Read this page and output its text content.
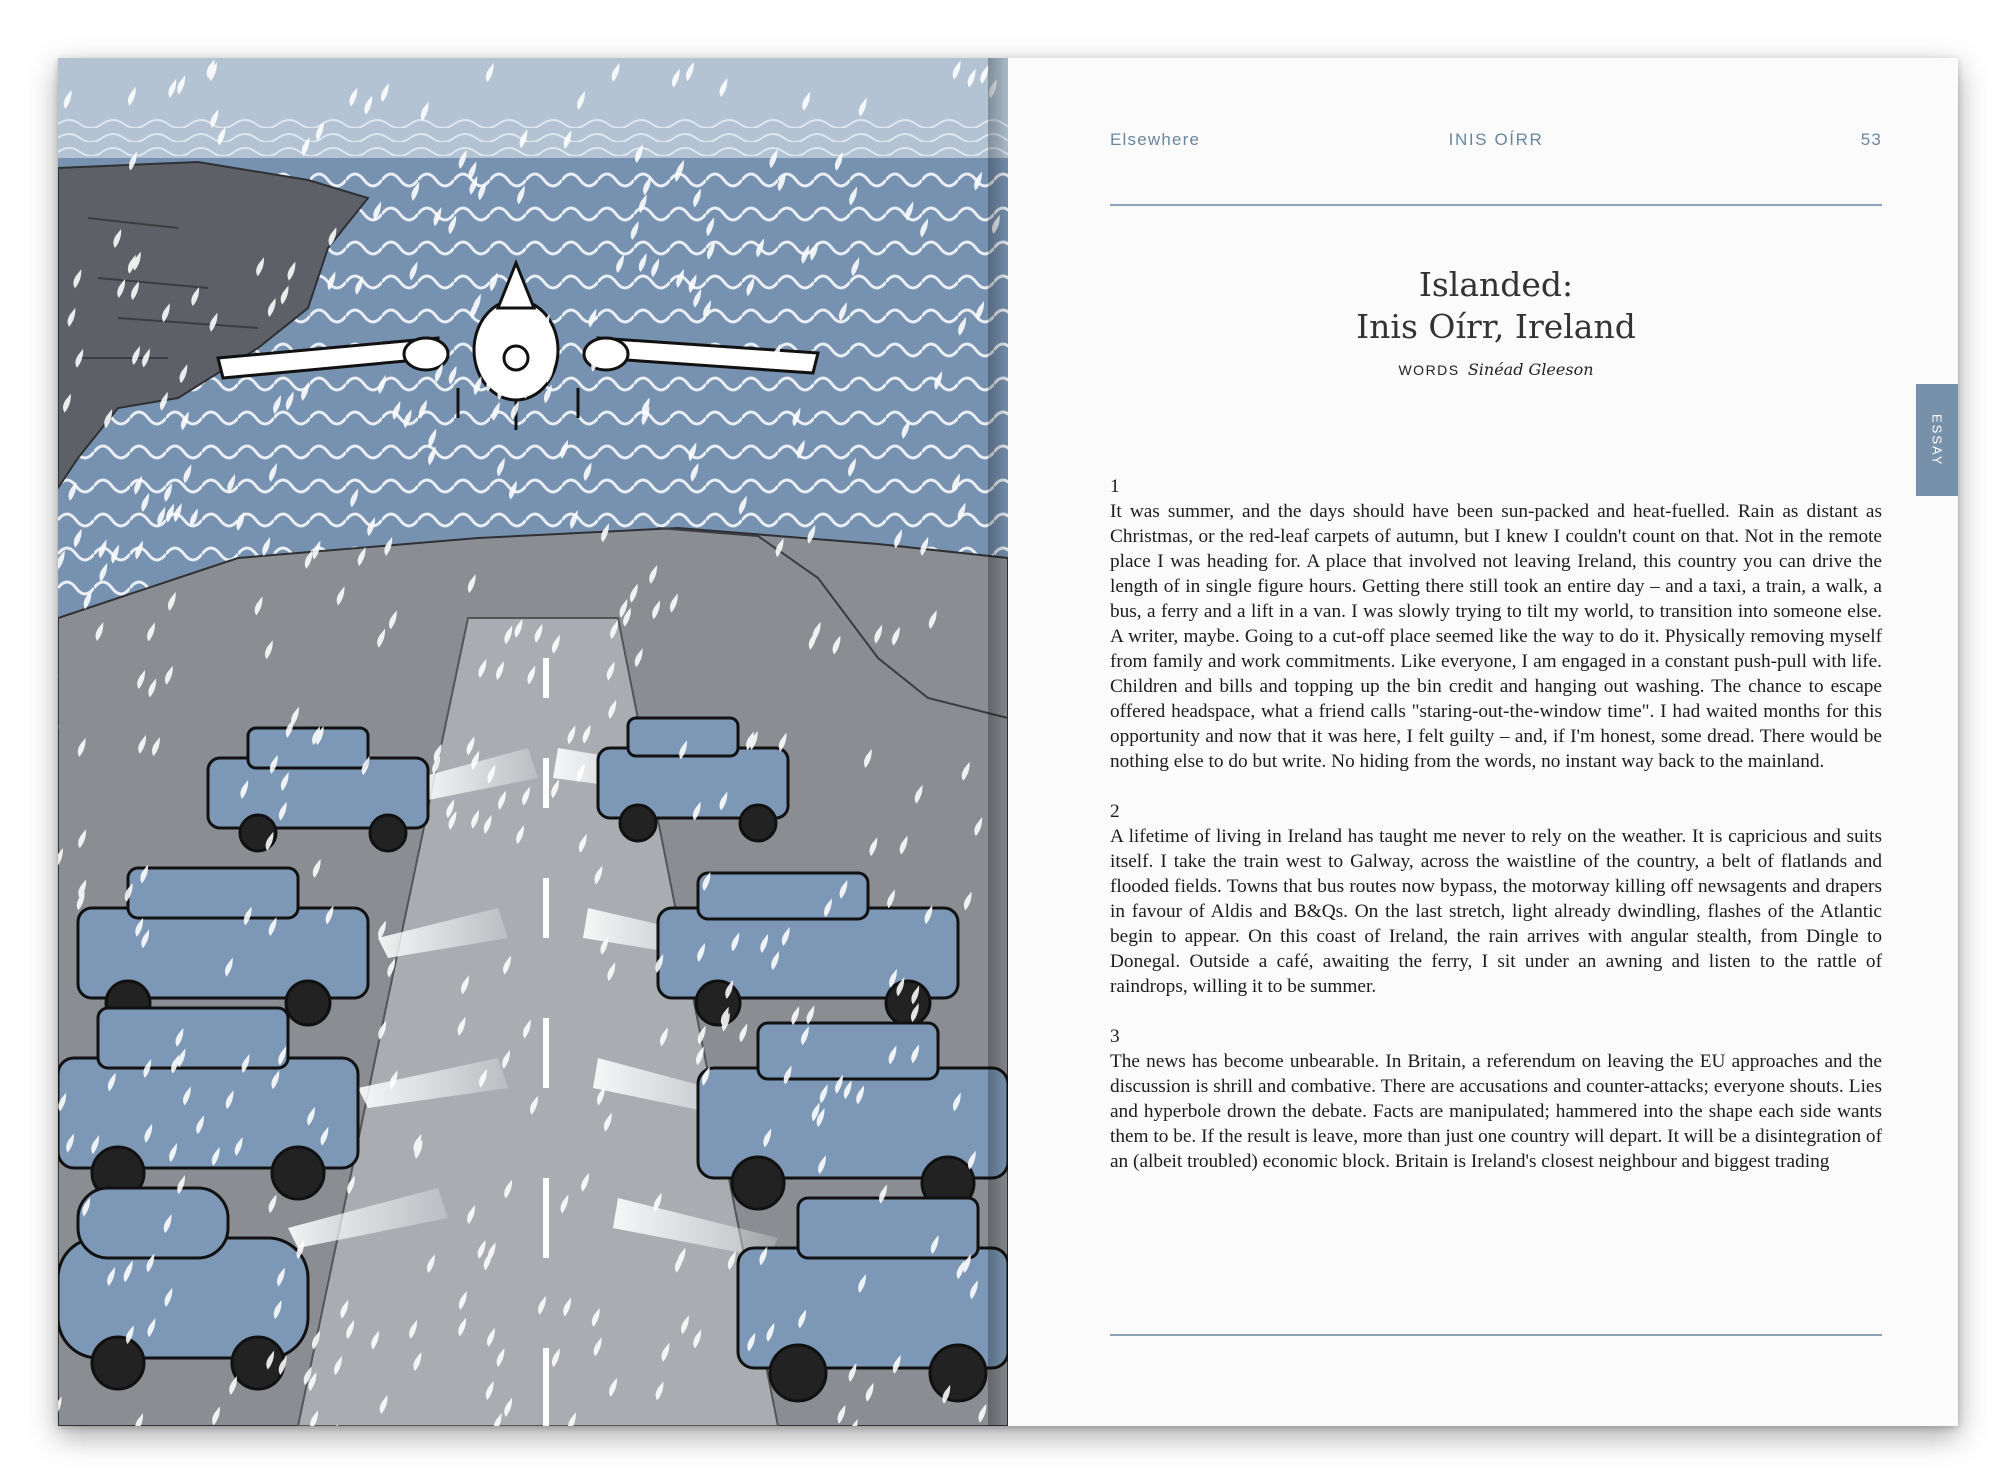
Elsewhere	INIS OÍRR	53
Islanded:
Inis Oírr, Ireland
WORDS Sinéad Gleeson
ESSAY
1

It was summer, and the days should have been sun-packed and heat-fuelled. Rain as distant as Christmas, or the red-leaf carpets of autumn, but I knew I couldn't count on that. Not in the remote place I was heading for. A place that involved not leaving Ireland, this country you can drive the length of in single figure hours. Getting there still took an entire day – and a taxi, a train, a walk, a bus, a ferry and a lift in a van. I was slowly trying to tilt my world, to transition into someone else. A writer, maybe. Going to a cut-off place seemed like the way to do it. Physically removing myself from family and work commitments. Like everyone, I am engaged in a constant push-pull with life. Children and bills and topping up the bin credit and hanging out washing. The chance to escape offered headspace, what a friend calls "staring-out-the-window time". I had waited months for this opportunity and now that it was here, I felt guilty – and, if I'm honest, some dread. There would be nothing else to do but write. No hiding from the words, no instant way back to the mainland.

2

A lifetime of living in Ireland has taught me never to rely on the weather. It is capricious and suits itself. I take the train west to Galway, across the waistline of the country, a belt of flatlands and flooded fields. Towns that bus routes now bypass, the motorway killing off newsagents and drapers in favour of Aldis and B&Qs. On the last stretch, light already dwindling, flashes of the Atlantic begin to appear. On this coast of Ireland, the rain arrives with angular stealth, from Dingle to Donegal. Outside a café, awaiting the ferry, I sit under an awning and listen to the rattle of raindrops, willing it to be summer.

3

The news has become unbearable. In Britain, a referendum on leaving the EU approaches and the discussion is shrill and combative. There are accusations and counter-attacks; everyone shouts. Lies and hyperbole drown the debate. Facts are manipulated; hammered into the shape each side wants them to be. If the result is leave, more than just one country will depart. It will be a disintegration of an (albeit troubled) economic block. Britain is Ireland's closest neighbour and biggest trading
